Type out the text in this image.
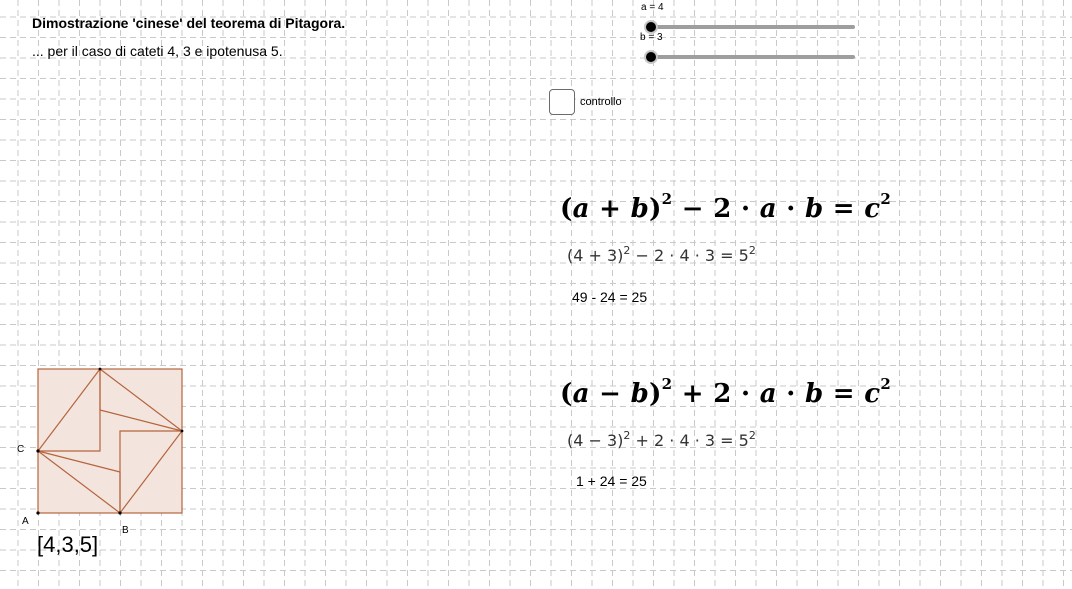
Dimostrazione 'cinese' del teorema di Pitagora.
... per il caso di cateti 4, 3 e ipotenusa 5.
a = 4
b = 3
controllo
$(a + b)^2 - 2 \cdot a \cdot b = c^2$
$(4 + 3)^2 - 2 \cdot 4 \cdot 3 = 5^2$
49 - 24 = 25
$(a - b)^2 + 2 \cdot a \cdot b = c^2$
$(4 - 3)^2 + 2 \cdot 4 \cdot 3 = 5^2$
1 + 24 = 25
A
B
C
[4,3,5]
